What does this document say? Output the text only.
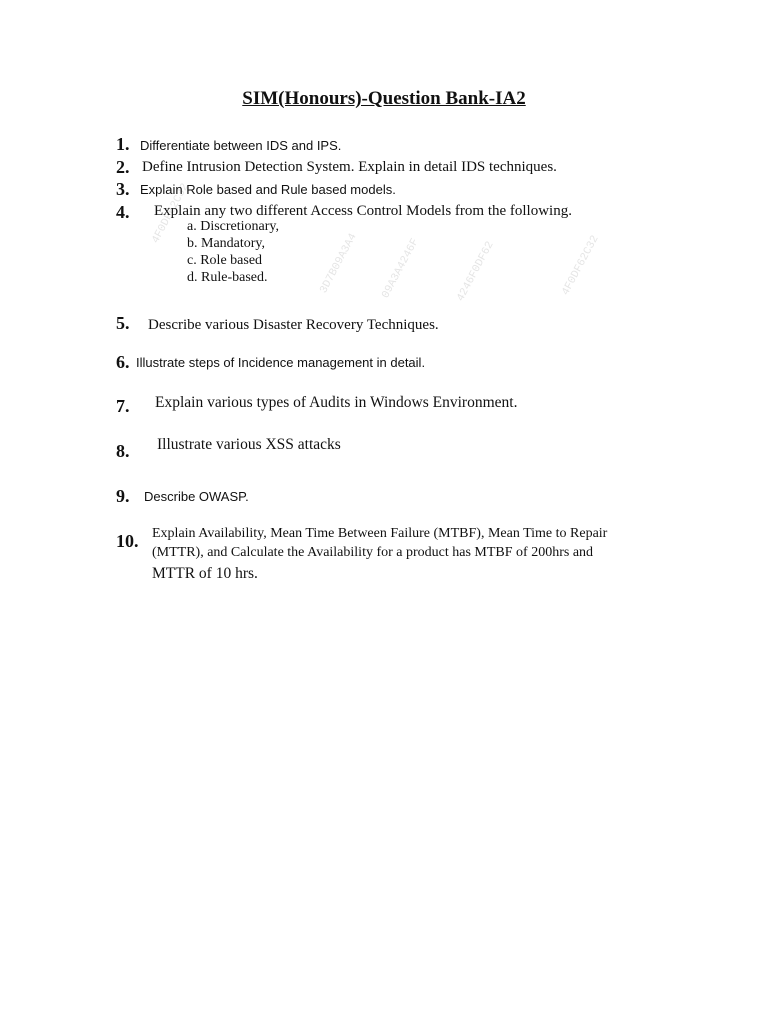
4F0DF62C32
3D7B09A3A4 09A3A4246F	4246F0DF62	4F0DF62C32
SIM(Honours)-Question Bank-IA2
1. Differentiate between IDS and IPS.
2. Define Intrusion Detection System. Explain in detail IDS techniques.
3. Explain Role based and Rule based models.
4. Explain any two different Access Control Models from the following.
a. Discretionary,
b. Mandatory,
c. Role based
d. Rule-based.
5. Describe various Disaster Recovery Techniques.
6. Illustrate steps of Incidence management in detail.
7. Explain various types of Audits in Windows Environment.
8. Illustrate various XSS attacks
9. Describe OWASP.
10. Explain Availability, Mean Time Between Failure (MTBF), Mean Time to Repair
(MTTR), and Calculate the Availability for a product has MTBF of 200hrs and
MTTR of 10 hrs.
